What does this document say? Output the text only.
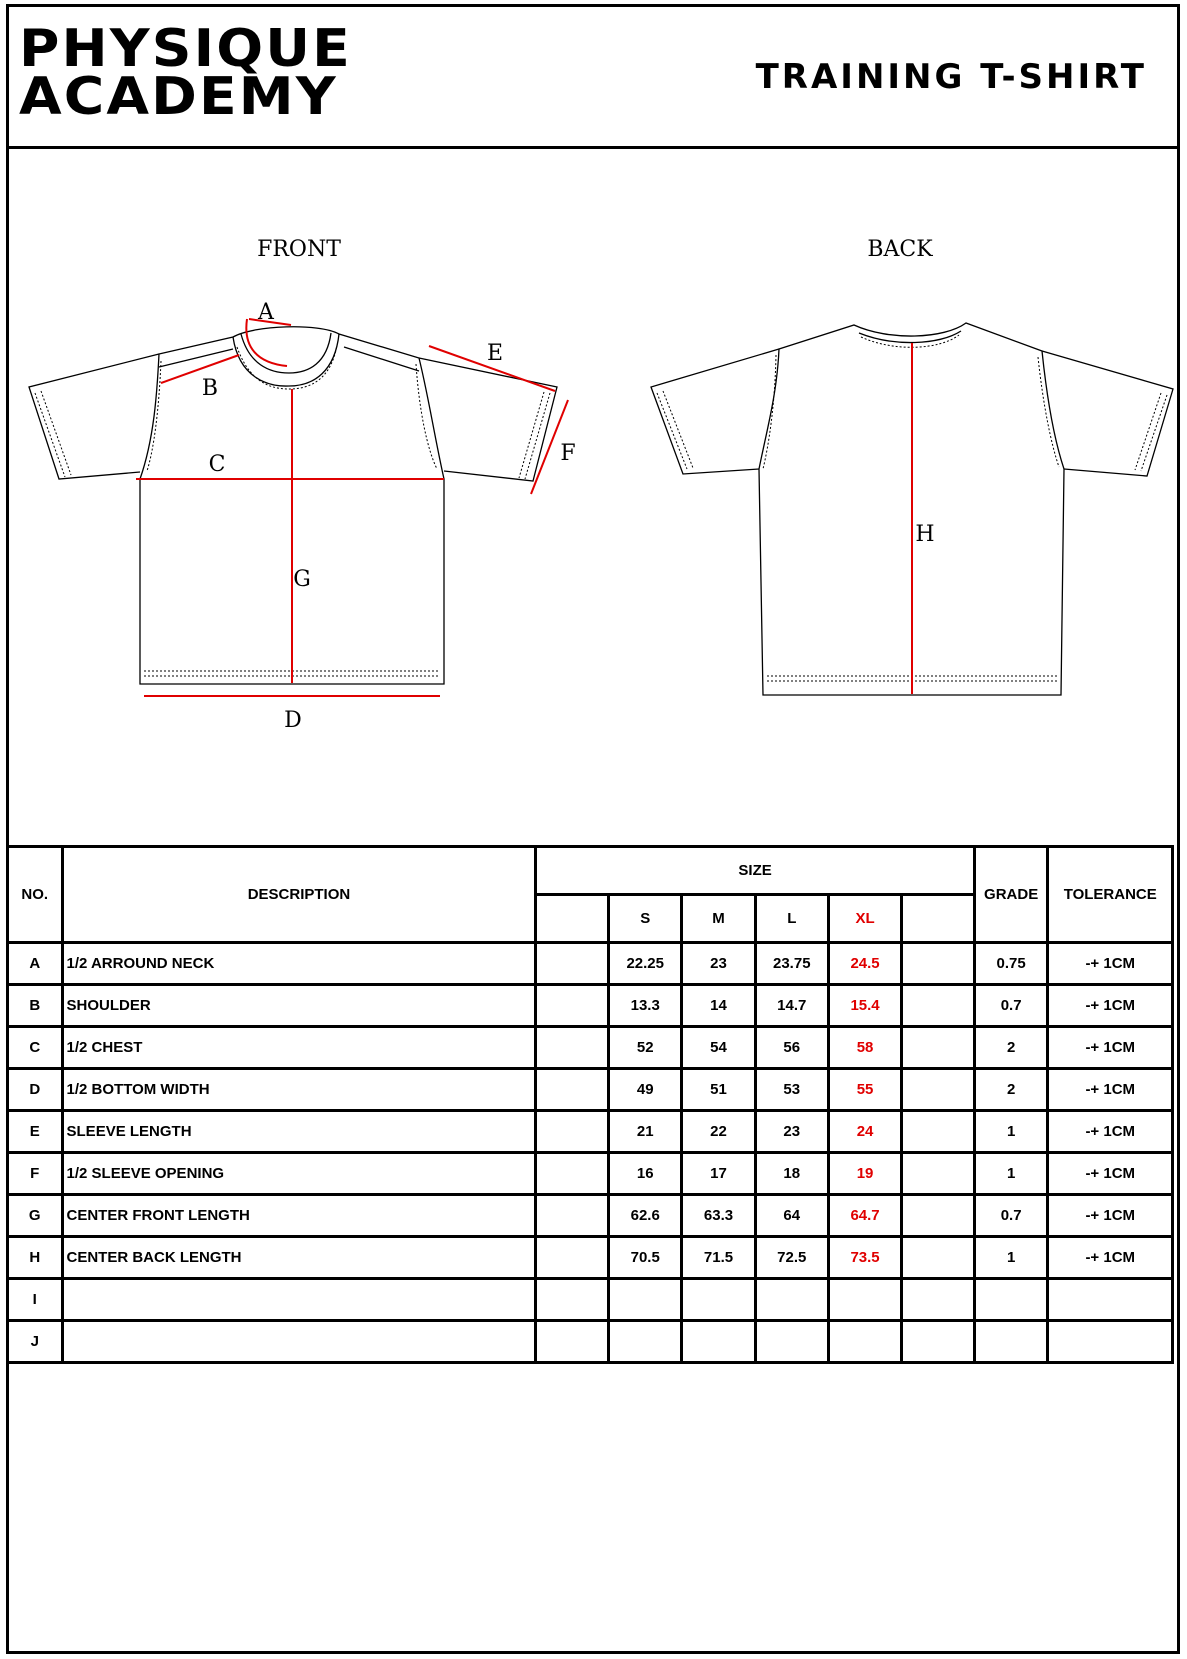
PHYSIQUE
ACADEMY	TRAINING T-SHIRT
FRONT	BACK
A
B
C
D
E
F
G
H
NO.	DESCRIPTION	SIZE						GRADE	TOLERANCE
			S	M	L	XL			
A	1/2 ARROUND NECK		22.25	23	23.75	24.5		0.75	-+ 1CM
B	SHOULDER		13.3	14	14.7	15.4		0.7	-+ 1CM
C	1/2 CHEST		52	54	56	58		2	-+ 1CM
D	1/2 BOTTOM WIDTH		49	51	53	55		2	-+ 1CM
E	SLEEVE LENGTH		21	22	23	24		1	-+ 1CM
F	1/2 SLEEVE OPENING		16	17	18	19		1	-+ 1CM
G	CENTER FRONT LENGTH		62.6	63.3	64	64.7		0.7	-+ 1CM
H	CENTER BACK LENGTH		70.5	71.5	72.5	73.5		1	-+ 1CM
I									
J									
